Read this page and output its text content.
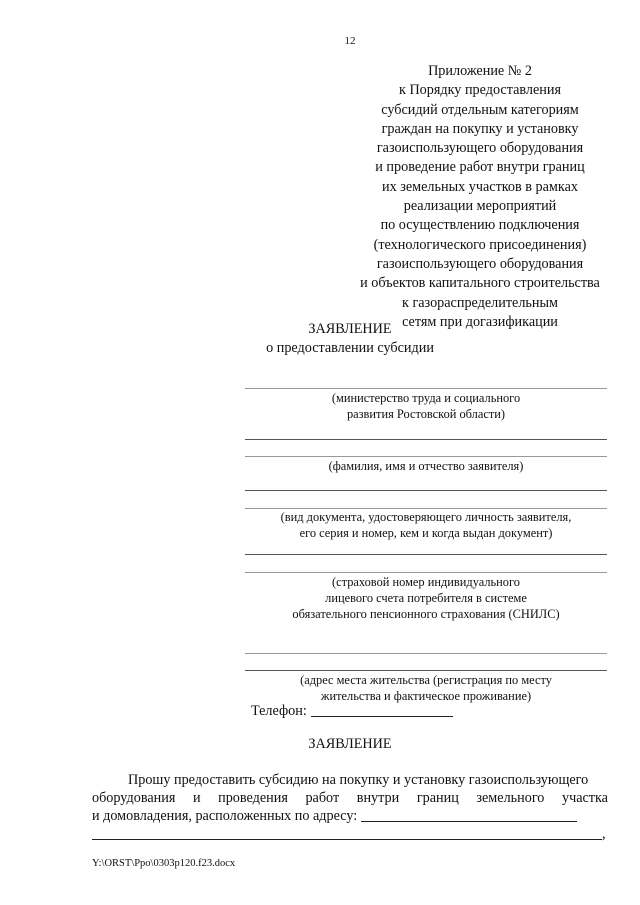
12
Приложение № 2
к Порядку предоставления
субсидий отдельным категориям
граждан на покупку и установку
газоиспользующего оборудования
и проведение работ внутри границ
их земельных участков в рамках
реализации мероприятий
по осуществлению подключения
(технологического присоединения)
газоиспользующего оборудования
и объектов капитального строительства
к газораспределительным
сетям при догазификации
ЗАЯВЛЕНИЕ
о предоставлении субсидии
(министерство труда и социального
развития Ростовской области)
(фамилия, имя и отчество заявителя)
(вид документа, удостоверяющего личность заявителя,
его серия и номер, кем и когда выдан документ)
(страховой номер индивидуального
лицевого счета потребителя в системе
обязательного пенсионного страхования (СНИЛС)
(адрес места жительства (регистрация по месту
жительства и фактическое проживание)
Телефон:
ЗАЯВЛЕНИЕ
Прошу предоставить субсидию на покупку и установку газоиспользующего
оборудования и проведения работ внутри границ земельного участка
и домовладения, расположенных по адресу:
,
Y:\ORST\Ppo\0303p120.f23.docx
